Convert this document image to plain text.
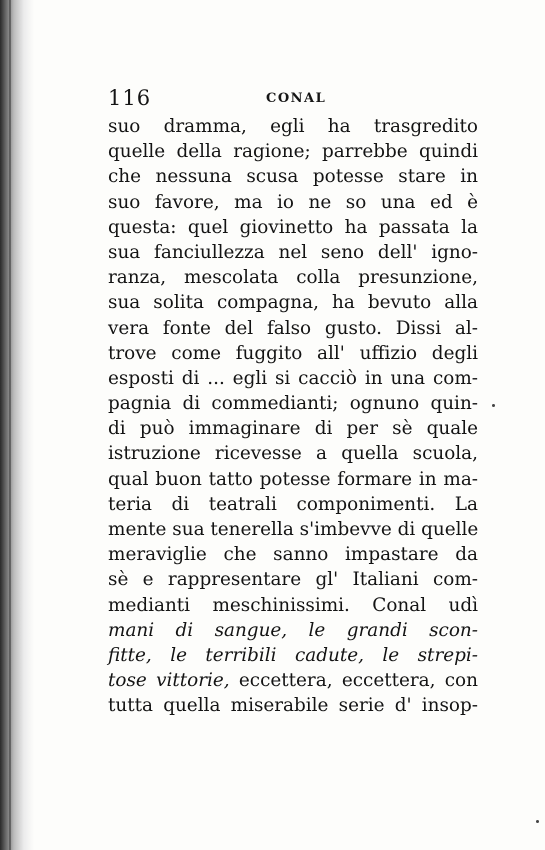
116	CONAL
suo dramma, egli ha trasgredito
quelle della ragione; parrebbe quindi
che nessuna scusa potesse stare in
suo favore, ma io ne so una ed è
questa: quel giovinetto ha passata la
sua fanciullezza nel seno dell' igno-
ranza, mescolata colla presunzione,
sua solita compagna, ha bevuto alla
vera fonte del falso gusto. Dissi al-
trove come fuggito all' uffizio degli
esposti di ... egli si cacciò in una com-
pagnia di commedianti; ognuno quin-
di può immaginare di per sè quale
istruzione ricevesse a quella scuola,
qual buon tatto potesse formare in ma-
teria di teatrali componimenti. La
mente sua tenerella s'imbevve di quelle
meraviglie che sanno impastare da
sè e rappresentare gl' Italiani com-
medianti meschinissimi. Conal udì
mani di sangue, le grandi scon-
fitte, le terribili cadute, le strepi-
tose vittorie, eccettera, eccettera, con
tutta quella miserabile serie d' insop-
